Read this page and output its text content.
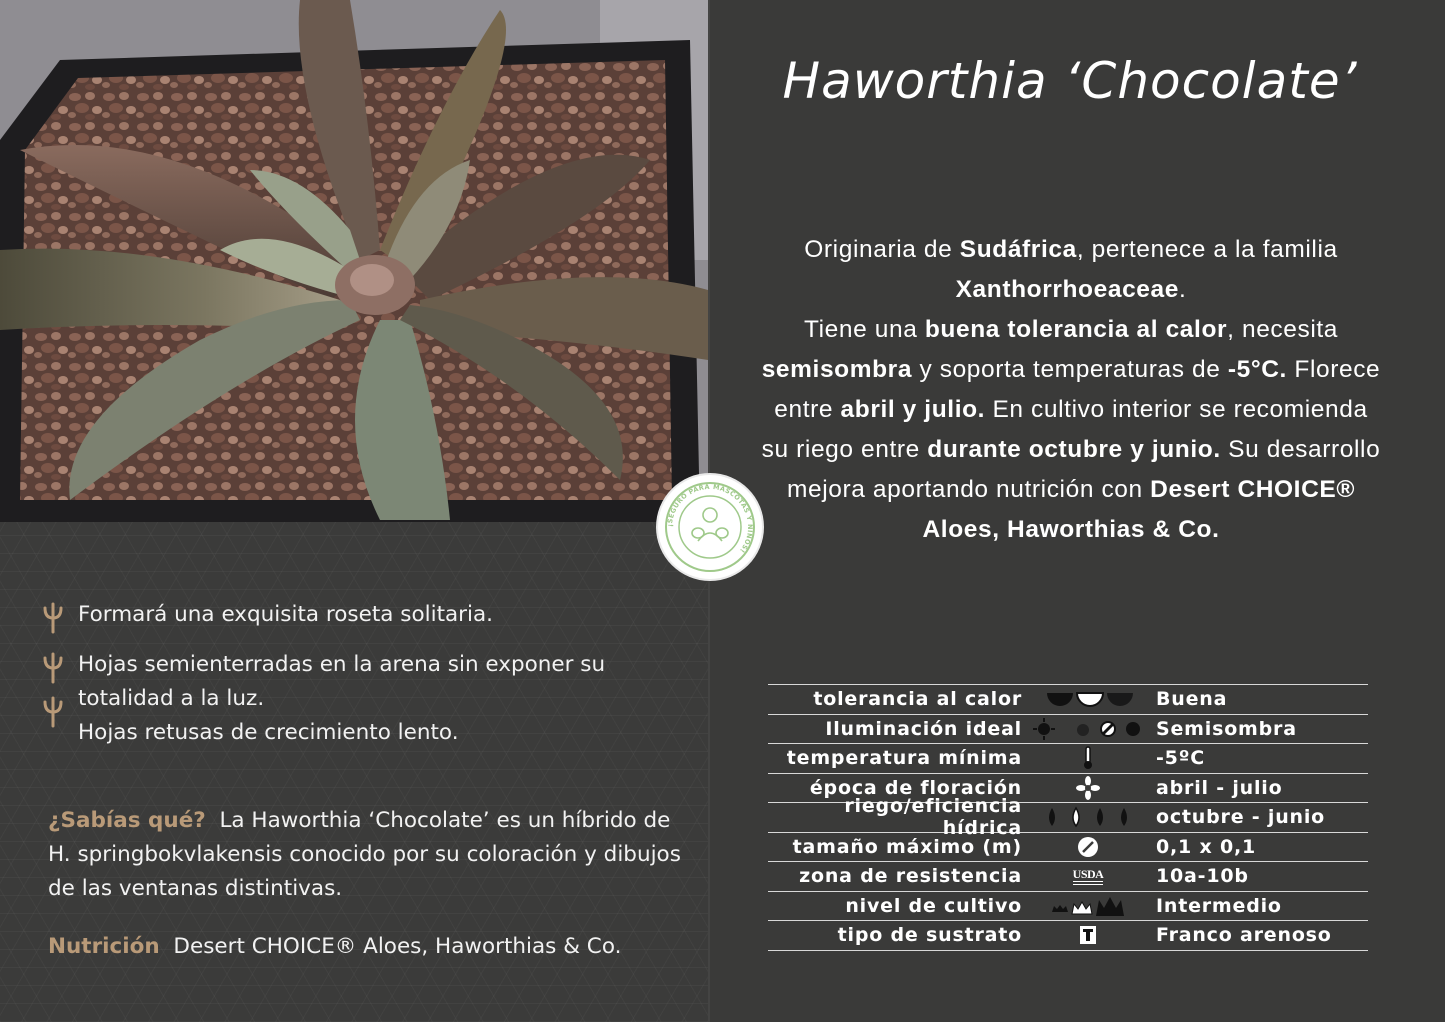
¡SEGURO PARA MASCOTAS Y NIÑOS!
Formará una exquisita roseta solitaria.
Hojas semienterradas en la arena sin exponer su totalidad a la luz.
Hojas retusas de crecimiento lento.
¿Sabías qué? La Haworthia ‘Chocolate’ es un híbrido de H. springbokvlakensis conocido por su coloración y dibujos de las ventanas distintivas.
Nutrición Desert CHOICE® Aloes, Haworthias & Co.
Haworthia ‘Chocolate’
Originaria de Sudáfrica, pertenece a la familia Xanthorrhoeaceae.
Tiene una buena tolerancia al calor, necesita semisombra y soporta temperaturas de -5°C. Florece entre abril y julio. En cultivo interior se recomienda su riego entre durante octubre y junio. Su desarrollo mejora aportando nutrición con Desert CHOICE® Aloes, Haworthias & Co.
tolerancia al calor	Buena
Iluminación ideal	Semisombra
temperatura mínima	-5ºC
época de floración	abril - julio
riego/eficiencia hídrica	octubre - junio
tamaño máximo (m)	0,1 x 0,1
zona de resistencia	USDA	10a-10b
nivel de cultivo	Intermedio
tipo de sustrato	Franco arenoso
